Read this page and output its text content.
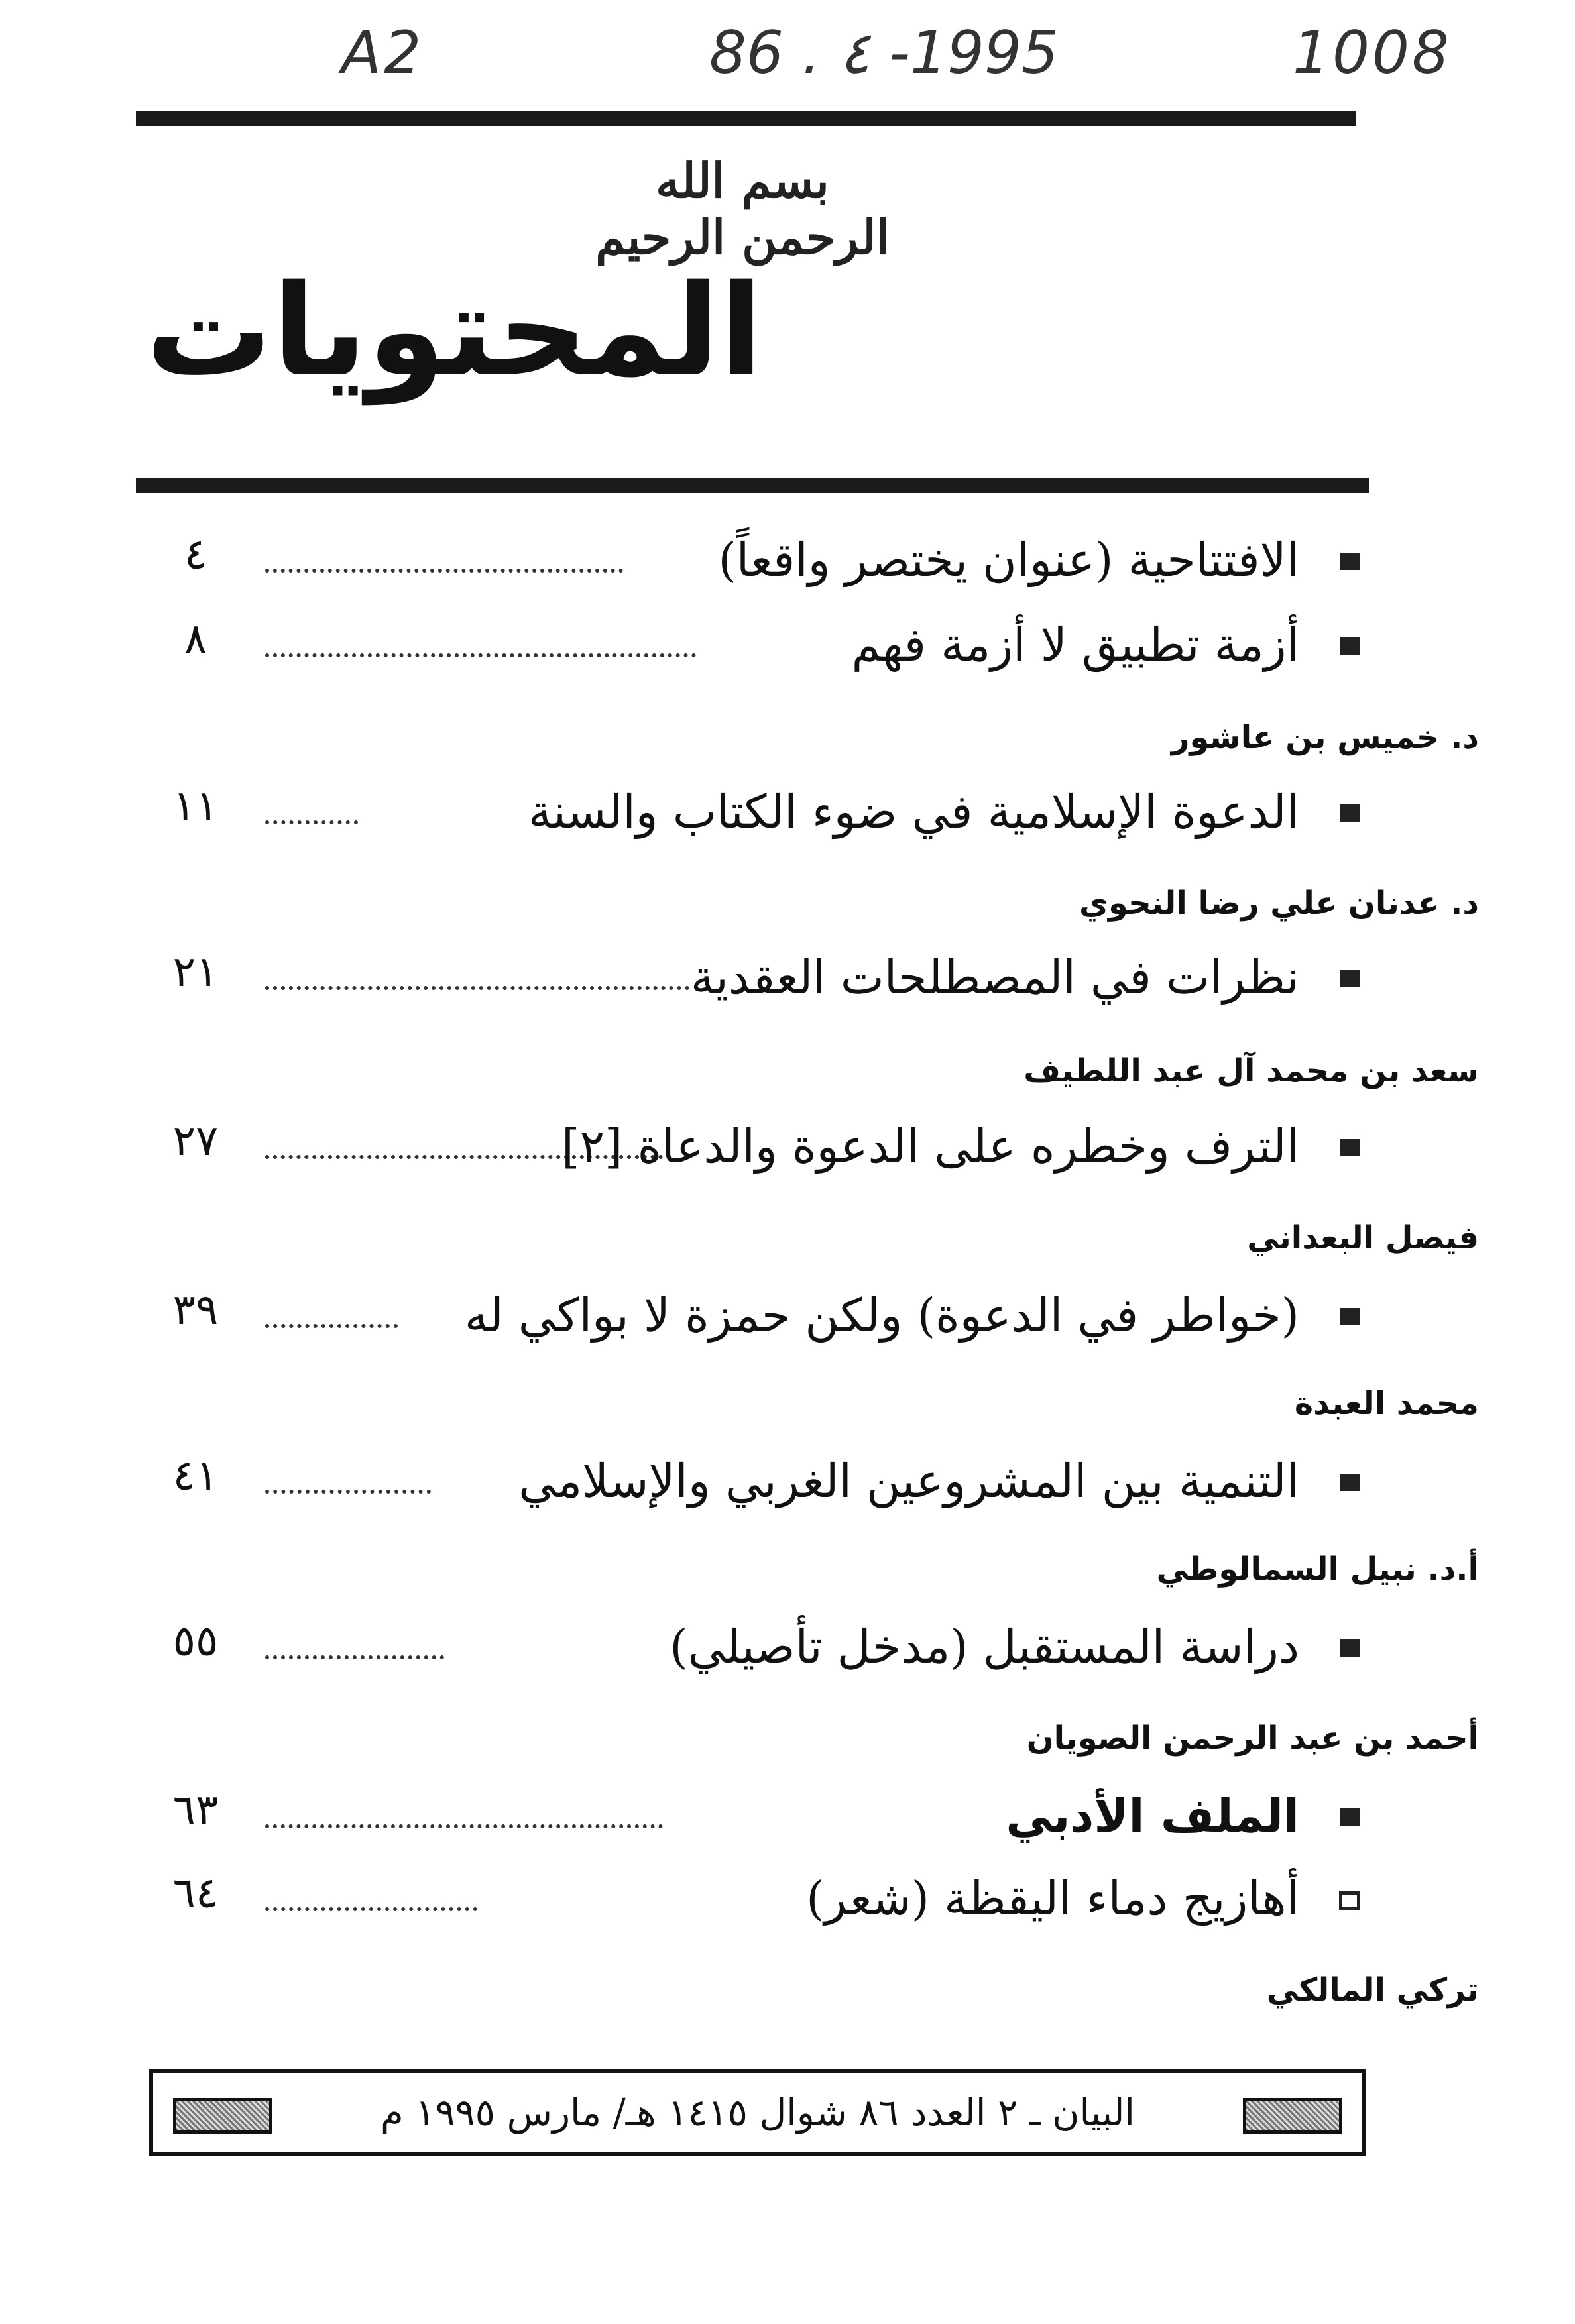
A2	86 . ٤ -1995	1008
بسم الله الرحمن الرحيم
المحتويات
٤	الافتتاحية (عنوان يختصر واقعاً)
٨	أزمة تطبيق لا أزمة فهم
١١	الدعوة الإسلامية في ضوء الكتاب والسنة
٢١	نظرات في المصطلحات العقدية
٢٧	الترف وخطره على الدعوة والدعاة [٢]
٣٩	(خواطر في الدعوة) ولكن حمزة لا بواكي له
٤١	التنمية بين المشروعين الغربي والإسلامي
٥٥	دراسة المستقبل (مدخل تأصيلي)
٦٣	الملف الأدبي
٦٤	أهازيج دماء اليقظة (شعر)
البيان ـ ٢ العدد ٨٦ شوال ١٤١٥ هـ/ مارس ١٩٩٥ م
د. خميس بن عاشور
د. عدنان علي رضا النحوي
سعد بن محمد آل عبد اللطيف
فيصل البعداني
محمد العبدة
أ.د. نبيل السمالوطي
أحمد بن عبد الرحمن الصويان
تركي المالكي
